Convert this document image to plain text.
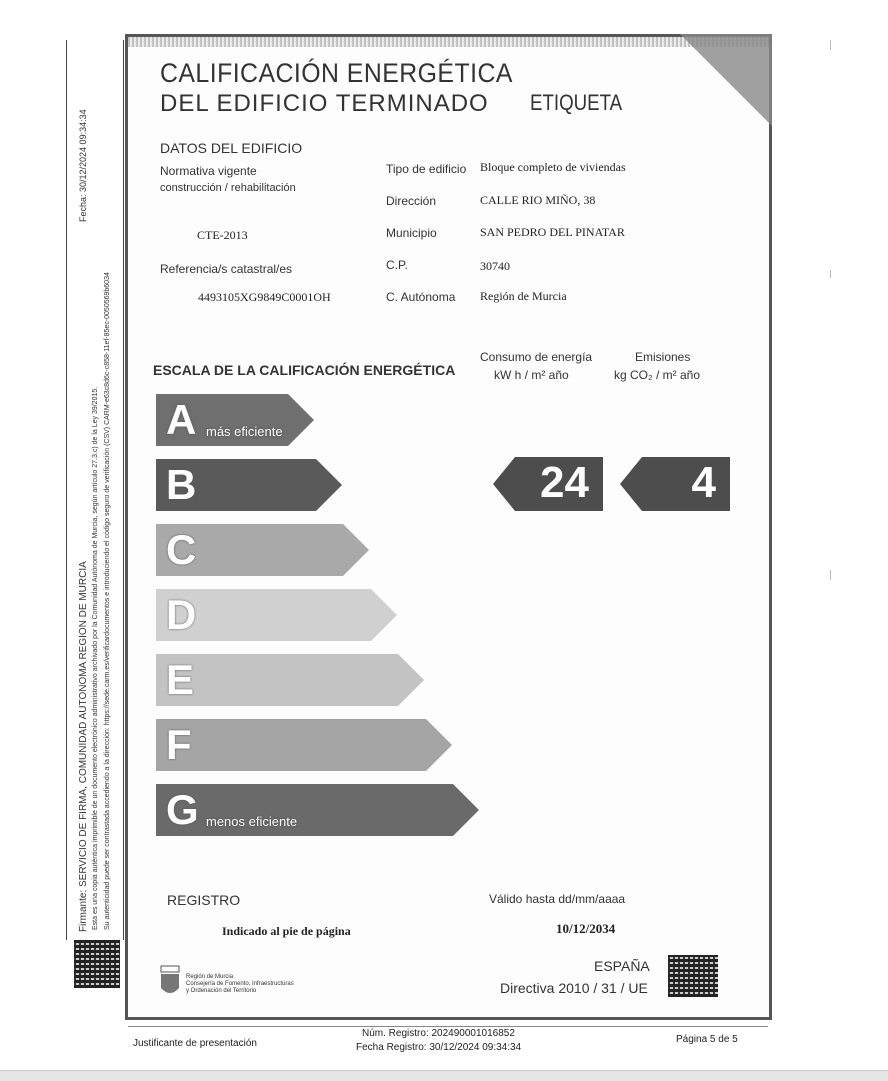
Fecha: 30/12/2024 09:34:34
Firmante: SERVICIO DE FIRMA, COMUNIDAD AUTONOMA REGION DE MURCIA Esta es una copia auténtica imprimible de un documento electrónico administrativo archivado por la Comunidad Autónoma de Murcia, según artículo 27.3.c) de la Ley 39/2015. Su autenticidad puede ser contrastada accediendo a la dirección: https://sede.carm.es/verificardocumentos e introduciendo el código seguro de verificación (CSV) CARM-e63c8d6c-c858-11ef-85ec-0050569b6034
CALIFICACIÓN ENERGÉTICA
DEL EDIFICIO TERMINADO ETIQUETA
DATOS DEL EDIFICIO
Normativa vigente
construcción / rehabilitación
CTE-2013
Referencia/s catastral/es
4493105XG9849C0001OH
Tipo de edificio Bloque completo de viviendas
Dirección	CALLE RIO MIÑO, 38
Municipio	SAN PEDRO DEL PINATAR
C.P.	30740
C. Autónoma Región de Murcia
ESCALA DE LA CALIFICACIÓN ENERGÉTICA
Consumo de energía
kW h / m² año
Emisiones
kg CO₂ / m² año
A más eficiente
B
C
D
E
F
G menos eficiente
24 4
REGISTRO
Indicado al pie de página
Válido hasta dd/mm/aaaa
10/12/2034
Región de Murcia
Consejería de Fomento, Infraestructuras
y Ordenación del Territorio
ESPAÑA
Directiva 2010 / 31 / UE
Justificante de presentación
Núm. Registro: 202490001016852
Fecha Registro: 30/12/2024 09:34:34
Página 5 de 5
